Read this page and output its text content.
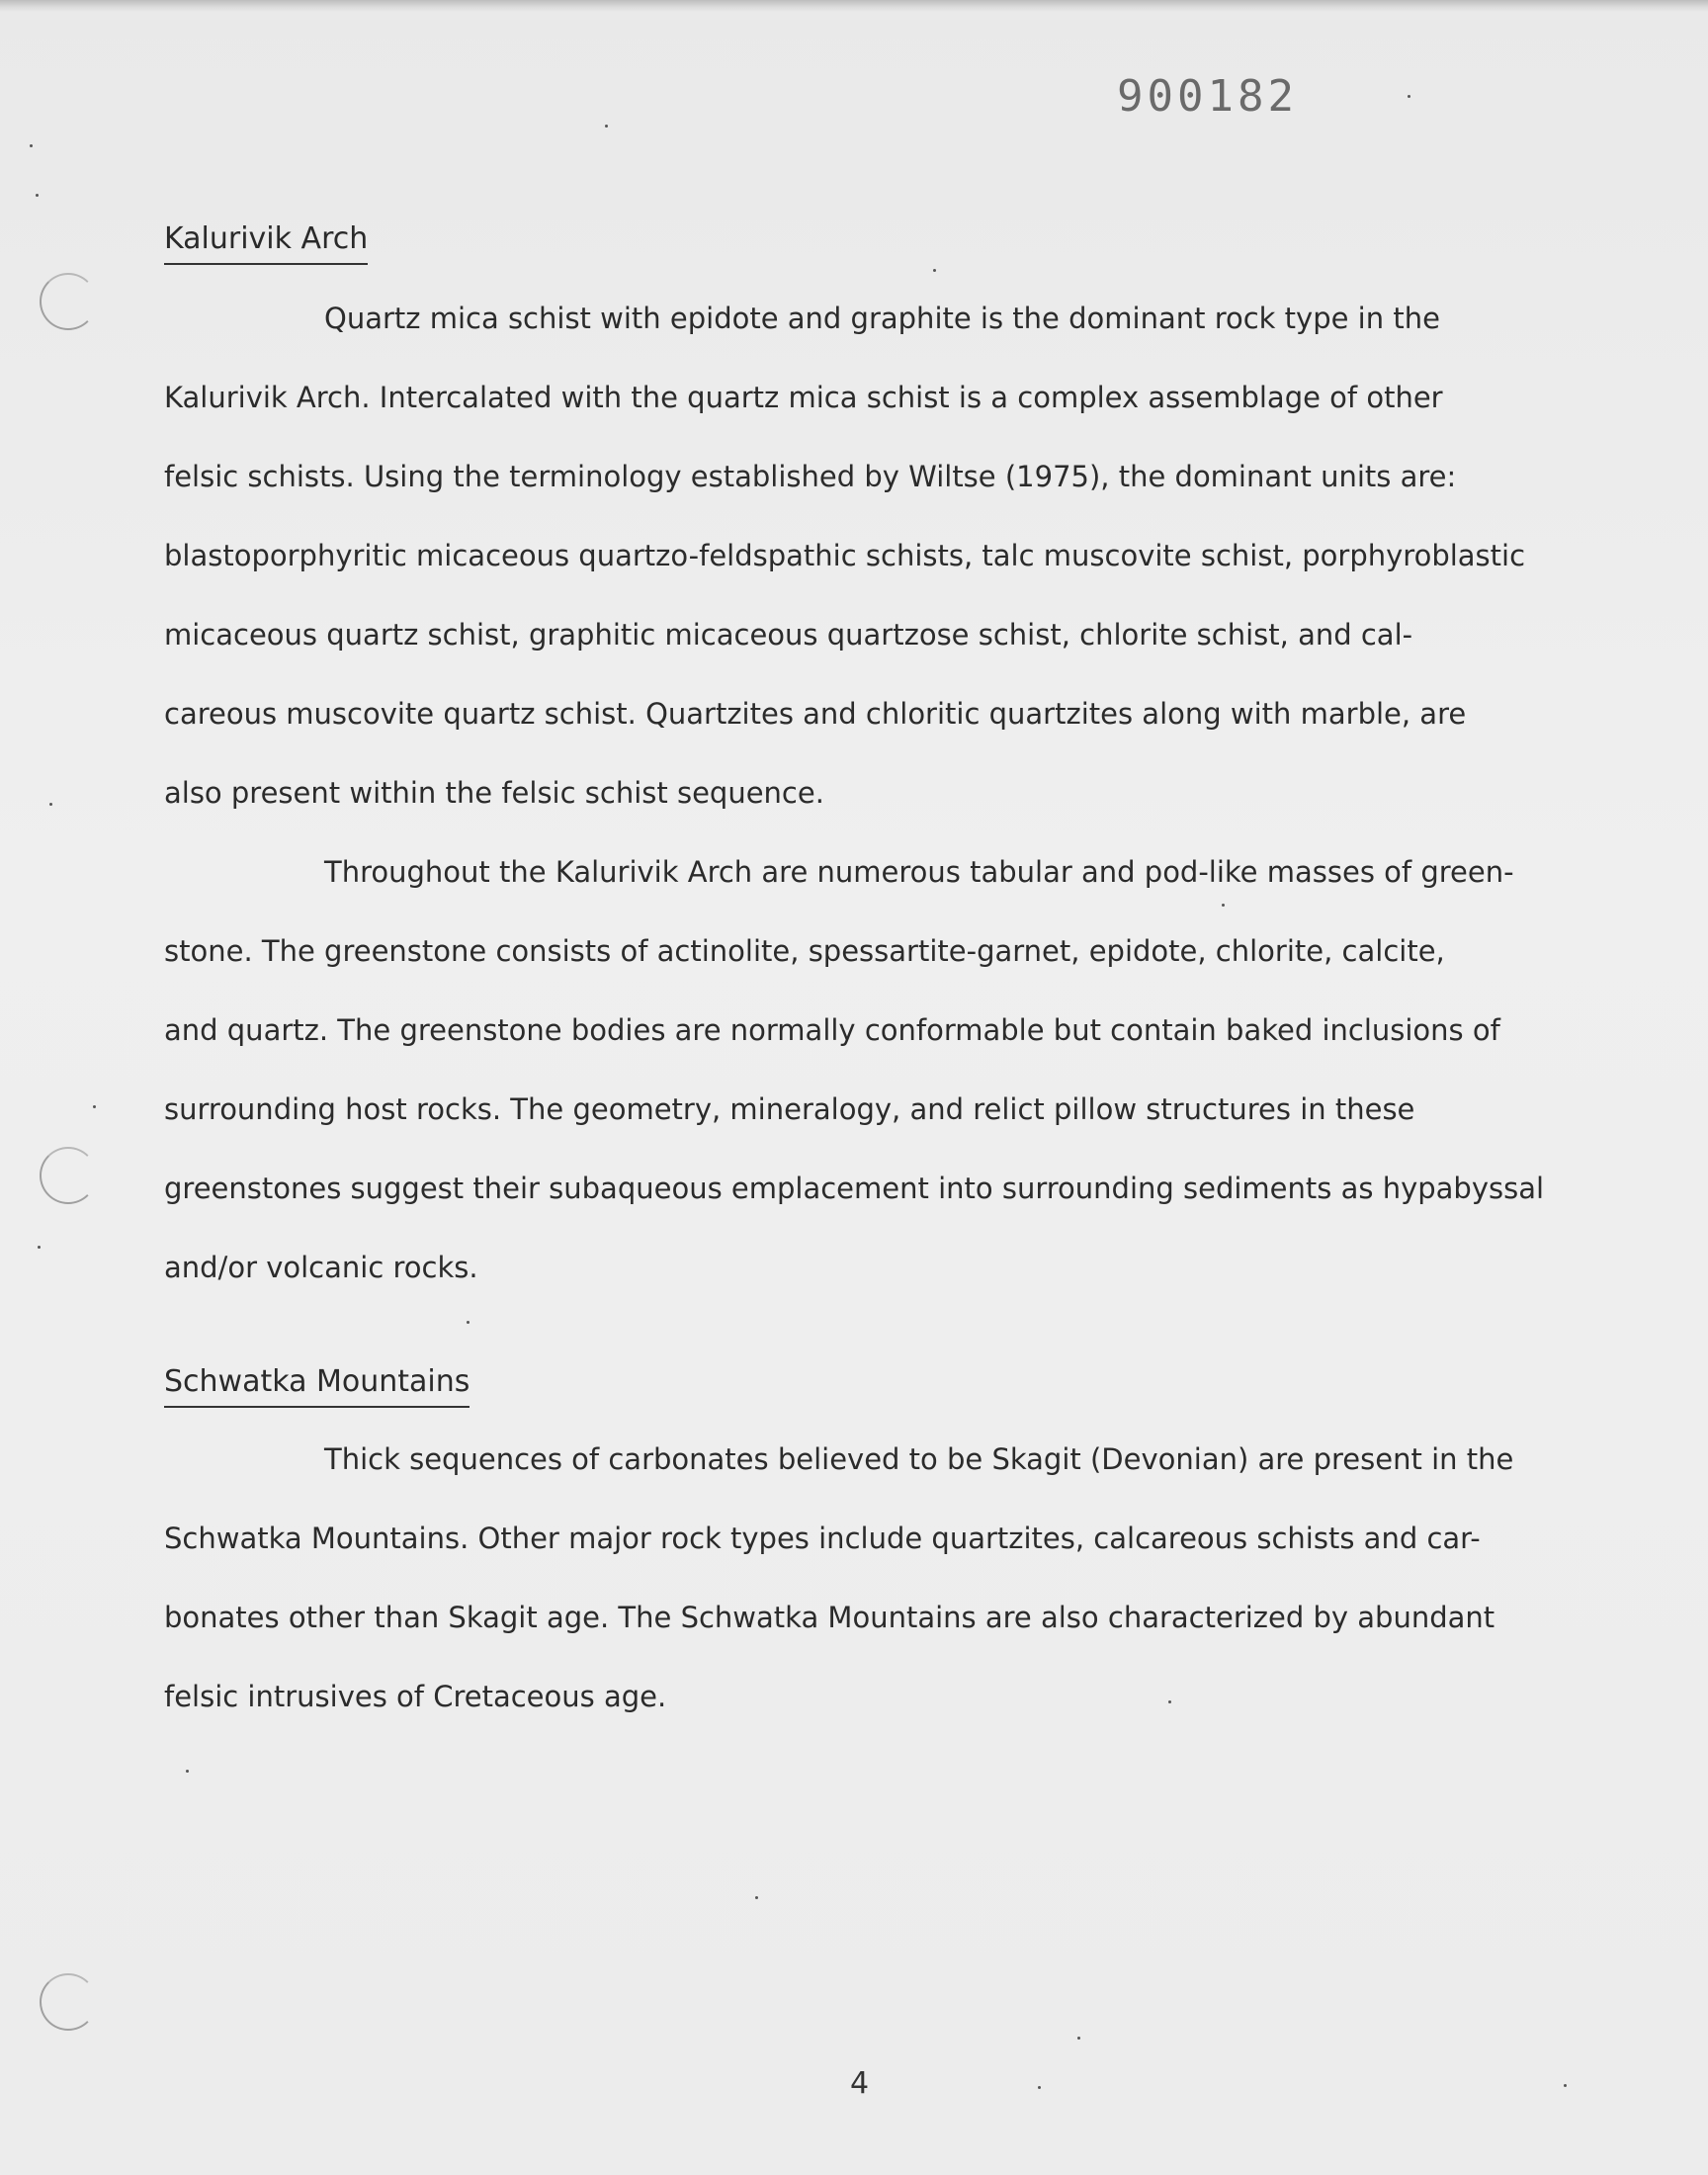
900182
Kalurivik Arch
Quartz mica schist with epidote and graphite is the dominant rock type in the
Kalurivik Arch. Intercalated with the quartz mica schist is a complex assemblage of other
felsic schists. Using the terminology established by Wiltse (1975), the dominant units are:
blastoporphyritic micaceous quartzo-feldspathic schists, talc muscovite schist, porphyroblastic
micaceous quartz schist, graphitic micaceous quartzose schist, chlorite schist, and cal-
careous muscovite quartz schist. Quartzites and chloritic quartzites along with marble, are
also present within the felsic schist sequence.
Throughout the Kalurivik Arch are numerous tabular and pod-like masses of green-
stone. The greenstone consists of actinolite, spessartite-garnet, epidote, chlorite, calcite,
and quartz. The greenstone bodies are normally conformable but contain baked inclusions of
surrounding host rocks. The geometry, mineralogy, and relict pillow structures in these
greenstones suggest their subaqueous emplacement into surrounding sediments as hypabyssal
and/or volcanic rocks.
Schwatka Mountains
Thick sequences of carbonates believed to be Skagit (Devonian) are present in the
Schwatka Mountains. Other major rock types include quartzites, calcareous schists and car-
bonates other than Skagit age. The Schwatka Mountains are also characterized by abundant
felsic intrusives of Cretaceous age.
4
